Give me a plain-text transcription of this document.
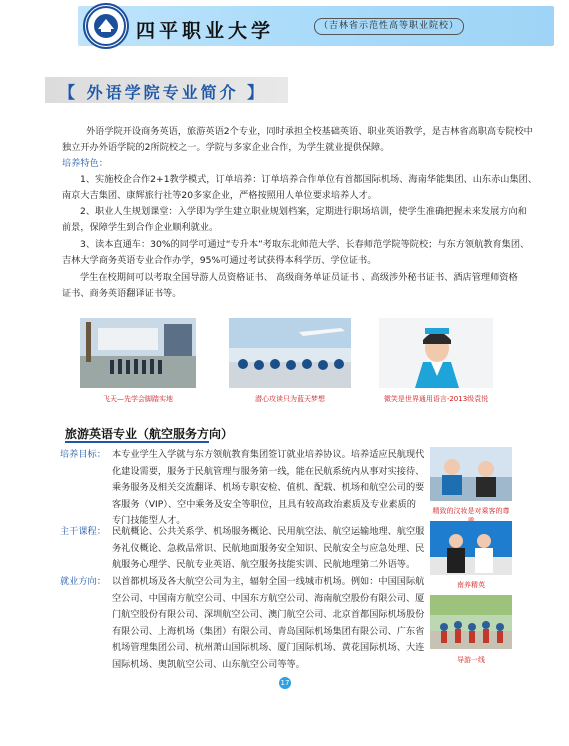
四平职业大学	（吉林省示范性高等职业院校）
【 外语学院专业简介 】
外语学院开设商务英语，旅游英语2个专业，同时承担全校基础英语、职业英语教学，是吉林省高职高专院校中
独立开办外语学院的2所院校之一。学院与多家企业合作，为学生就业提供保障。
培养特色：
1、实施校企合作2+1教学模式，订单培养：订单培养合作单位有首都国际机场、海南华能集团、山东赤山集团、
南京大吉集团、康辉旅行社等20多家企业，严格按照用人单位要求培养人才。
2、职业人生规划课堂：入学即为学生建立职业规划档案，定期进行职场培训，使学生准确把握未来发展方向和
前景，保障学生到合作企业顺利就业。
3、读本直通车：30%的同学可通过“专升本”考取东北师范大学、长春师范学院等院校；与东方领航教育集团、
吉林大学商务英语专业合作办学，95%可通过考试获得本科学历、学位证书。
学生在校期间可以考取全国导游人员资格证书、 高级商务单证员证书 、高级涉外秘书证书、酒店管理师资格
证书、商务英语翻译证书等。
飞天—先学会脚踏实地	潜心攻读只为蓝天梦想	微笑是世界通用语言-2013级袁悦
旅游英语专业（航空服务方向）
培养目标： 本专业学生入学就与东方领航教育集团签订就业培养协议。培养适应民航现代
化建设需要，服务于民航管理与服务第一线，能在民航系统内从事对实接待、
乘务服务及相关交流翻译、机场专职安检、值机、配载、机场和航空公司的要
客服务（VIP）、空中乘务及安全等职位，且具有较高政治素质及专业素质的
专门技能型人才。
主干课程： 民航概论、公共关系学、机场服务概论、民用航空法、航空运输地理、航空服
务礼仪概论、急救品常识、民航地面服务安全知识、民航安全与应急处理、民
航服务心理学、民航专业英语、航空服务技能实训、民航地理第二外语等。
就业方向： 以首都机场及各大航空公司为主，辐射全国一线城市机场。例如：中国国际航
空公司、中国南方航空公司、中国东方航空公司、海南航空股份有限公司、厦
门航空股份有限公司、深圳航空公司、澳门航空公司、北京首都国际机场股份
有限公司、上海机场（集团）有限公司、青岛国际机场集团有限公司、广东省
机场管理集团公司、杭州萧山国际机场、厦门国际机场、黄花国际机场、大连
国际机场、奥凯航空公司、山东航空公司等等。
精致的汶妆是对乘客的尊
南养精英
导游一线
17
